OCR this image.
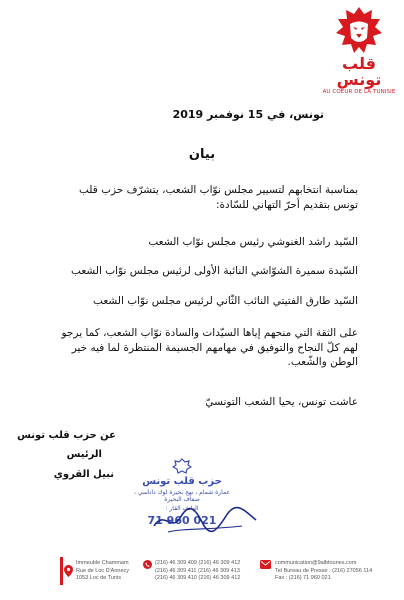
قلب تونس
AU COEUR DE LA TUNISIE
تونس، في 15 نوفمبر 2019
بيان
بمناسبة انتخابهم لتسيير مجلس نوّاب الشعب، يتشرّف حزب قلب تونس بتقديم أحرّ التهاني للسّادة:
السّيد راشد الغنوشي رئيس مجلس نوّاب الشعب
السّيدة سميرة الشوّاشي النائبة الأولى لرئيس مجلس نوّاب الشعب
السّيد طارق الفتيتي النائب الثّاني لرئيس مجلس نوّاب الشعب
على الثقة التي منحهم إياها السيّدات والسادة نوّاب الشعب، كما يرجو لهم كلّ النجاح والتوفيق في مهامهم الجسيمة المنتظرة لما فيه خير الوطن والشّعب.
عاشت تونس، يحيا الشعب التونسيّ
عن حزب قلب تونس
الرئيس
نبيل القروي
حزب قلب تونس
عمارة شمام ، نهج بحيرة لوك داناسي ، ضفاف البحيرة
الهاتف القار :
71 960 021
Immeuble Chammam
Rue de Loc D'Annecy
1053 Loc de Tunis
(216) 46 309 409 (216) 46 309 412
(216) 46 309 411 (216) 46 309 413
(216) 46 309 410 (216) 46 309 412
communication@9albtounes.com
Tel Bureau de Presse : (216) 27056 114
Fax : (216) 71 960 021
